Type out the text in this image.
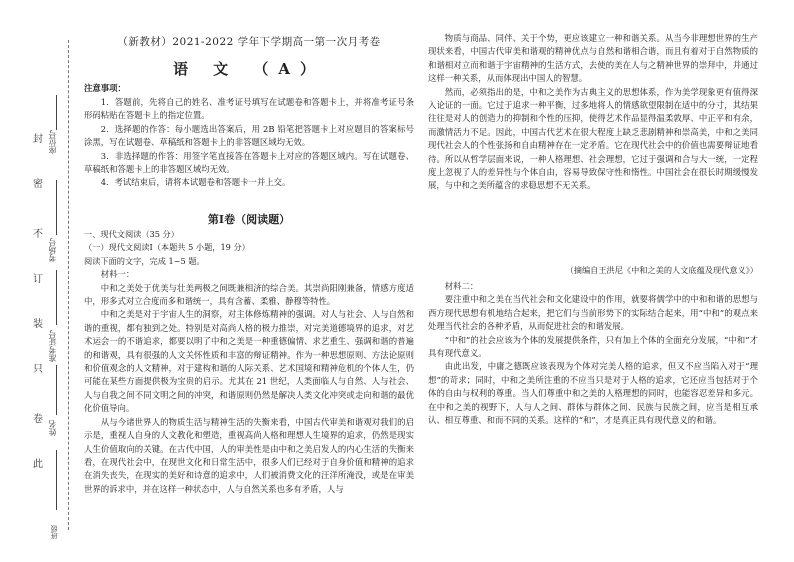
封
密
不
订
装
只
卷
此
座位号
考场号
准考证号
姓名
班级
（新教材）2021-2022 学年下学期高一第一次月考卷
语 文 （A）
注意事项：

1．答题前，先将自己的姓名、准考证号填写在试题卷和答题卡上，并将准考证号条形码粘贴在答题卡上的指定位置。

2．选择题的作答：每小题选出答案后，用 2B 铅笔把答题卡上对应题目的答案标号涂黑，写在试题卷、草稿纸和答题卡上的非答题区域均无效。

3．非选择题的作答：用签字笔直接答在答题卡上对应的答题区域内。写在试题卷、草稿纸和答题卡上的非答题区域均无效。

4．考试结束后，请将本试题卷和答题卡一并上交。

第Ⅰ卷（阅读题）

一、现代文阅读（35 分）

（一）现代文阅读Ⅰ（本题共 5 小题，19 分）

阅读下面的文字，完成 1~5 题。

材料一：

中和之美处于优美与壮美两极之间既兼相济的综合美。其崇尚阳刚兼备，情感方度适中，形多式对立合度而多和谐统一，具有含蓄、柔雅、静穆等特性。

中和之美是对于宇宙人生的洞察，对主体修炼精神的强调。对人与社会、人与自然和谐的重视，都有独到之处。特别是对高尚人格的极力推崇，对完美道德境界的追求，对艺术运会一的不谐追求，都要以明了中和之美是一种重德偏情、求艺重生、强调和谐的普遍的和谐观，具有很强的人文关怀性质和丰富的辩证精神。作为一种思想原则、方法论原则和价值观念的人文精神，对于建构和谐的人际关系、艺术国境和精神危机的个体人生，仍可能在某些方面提供极为宝贵的启示。尤其在 21 世纪，人类面临人与自然、人与社会、人与自我之间不同文明之间的冲突，和谐原则仍然是解决人类文化冲突或走向和谐的最优化价值导向。

从与今诸世界人的物质生活与精神生活的失衡来看，中国古代审美和谐观对我们的启示是，重视人自身的人文教化和塑造，重视高尚人格和理想人生境界的追求，仍然是现实人生价值取向的关键。在古代中国，人的审美性是由中和之美启发人的内心生活的失衡来看，在现代社会中，在现世文化和日常生活中，很多人们已经对于自身价值和精神的追求在消失丧失，在现实的美好和诗意的追求中，人们被消费文化的汪洋所淹没，或是在审美世界的诉求中，并在这样一种状态中，人与自然关系也多有矛盾，人与

物质与商品、同伴、关于个势，更应该建立一种和谐关系。从当今非理想世界的生产现状来看，中国古代审美和谐观的精神优点与自然和谐相合谐，而且有着对于自然物质的和谐相对立而和谐于宇宙精神的生活方式，去使的美在人与之精神世界的崇拜中，并通过这样一种关系，从而体现出中国人的智慧。

然而，必须指出的是，中和之美作为古典主义的思想体系，作为美学现象更有值得深入论证的一面。它过于追求一种平衡，过多地将人的情感欲望限制在适中的分寸，其结果往往是对人的创造力的抑制和个性的压抑，使得艺术作品显得温柔敦厚、中正平和有余，而激情活力不足。因此，中国古代艺术在很大程度上缺乏悲剧精神和崇高美，中和之美同现代社会人的个性张扬和自由精神存在一定矛盾。它在现代社会中的价值也需要辩证地看待。所以从哲学层面来说，一种人格理想、社会理想，它过于强调和合与大一统，一定程度上忽视了人的差异性与个体自由，容易导致保守性和惰性。中国社会在很长时期缓慢发展，与中和之美所蕴含的求稳思想不无关系。

（摘编自王洪尼《中和之美的人文底蕴及现代意义》）

材料二：

要注重中和之美在当代社会和文化建设中的作用，就要将儒学中的中和和谐的思想与西方现代思想有机地结合起来，把它们与当前形势下的实际结合起来，用“中和”的观点来处理当代社会的各种矛盾，从而促进社会的和谐发展。

“中和”的社会应该为个体的发展提供条件，只有加上个体的全面充分发展，“中和”才具有现代意义。

由此出发，中庸之德既应该表现为个体对完美人格的追求，但又不应当陷入对于“理想”的苛求；同时，中和之美所注重的不应当只是对于人格的追求，它还应当包括对于个体的自由与权利的尊重。当人们尊重中和之美的人格理想的同时，也能容忍差异和多元。在中和之美的视野下，人与人之间、群体与群体之间、民族与民族之间，应当是相互承认、相互尊重、和而不同的关系。这样的“和”，才是真正具有现代意义的和谐。
